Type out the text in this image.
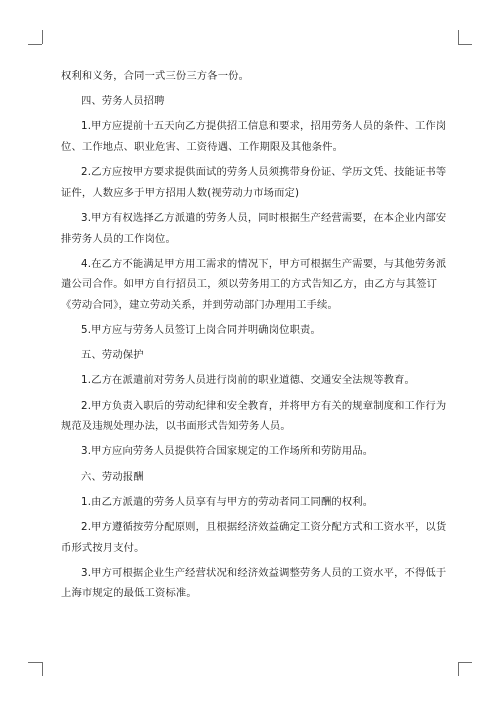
权利和义务，合同一式三份三方各一份。
四、劳务人员招聘
1.甲方应提前十五天向乙方提供招工信息和要求，招用劳务人员的条件、工作岗
位、工作地点、职业危害、工资待遇、工作期限及其他条件。
2.乙方应按甲方要求提供面试的劳务人员须携带身份证、学历文凭、技能证书等
证件，人数应多于甲方招用人数(视劳动力市场而定)
3.甲方有权选择乙方派遣的劳务人员，同时根据生产经营需要，在本企业内部安
排劳务人员的工作岗位。
4.在乙方不能满足甲方用工需求的情况下，甲方可根据生产需要，与其他劳务派
遣公司合作。如甲方自行招员工，须以劳务用工的方式告知乙方，由乙方与其签订
《劳动合同》，建立劳动关系，并到劳动部门办理用工手续。
5.甲方应与劳务人员签订上岗合同并明确岗位职责。
五、劳动保护
1.乙方在派遣前对劳务人员进行岗前的职业道德、交通安全法规等教育。
2.甲方负责入职后的劳动纪律和安全教育，并将甲方有关的规章制度和工作行为
规范及违规处理办法，以书面形式告知劳务人员。
3.甲方应向劳务人员提供符合国家规定的工作场所和劳防用品。
六、劳动报酬
1.由乙方派遣的劳务人员享有与甲方的劳动者同工同酬的权利。
2.甲方遵循按劳分配原则，且根据经济效益确定工资分配方式和工资水平，以货
币形式按月支付。
3.甲方可根据企业生产经营状况和经济效益调整劳务人员的工资水平，不得低于
上海市规定的最低工资标准。
